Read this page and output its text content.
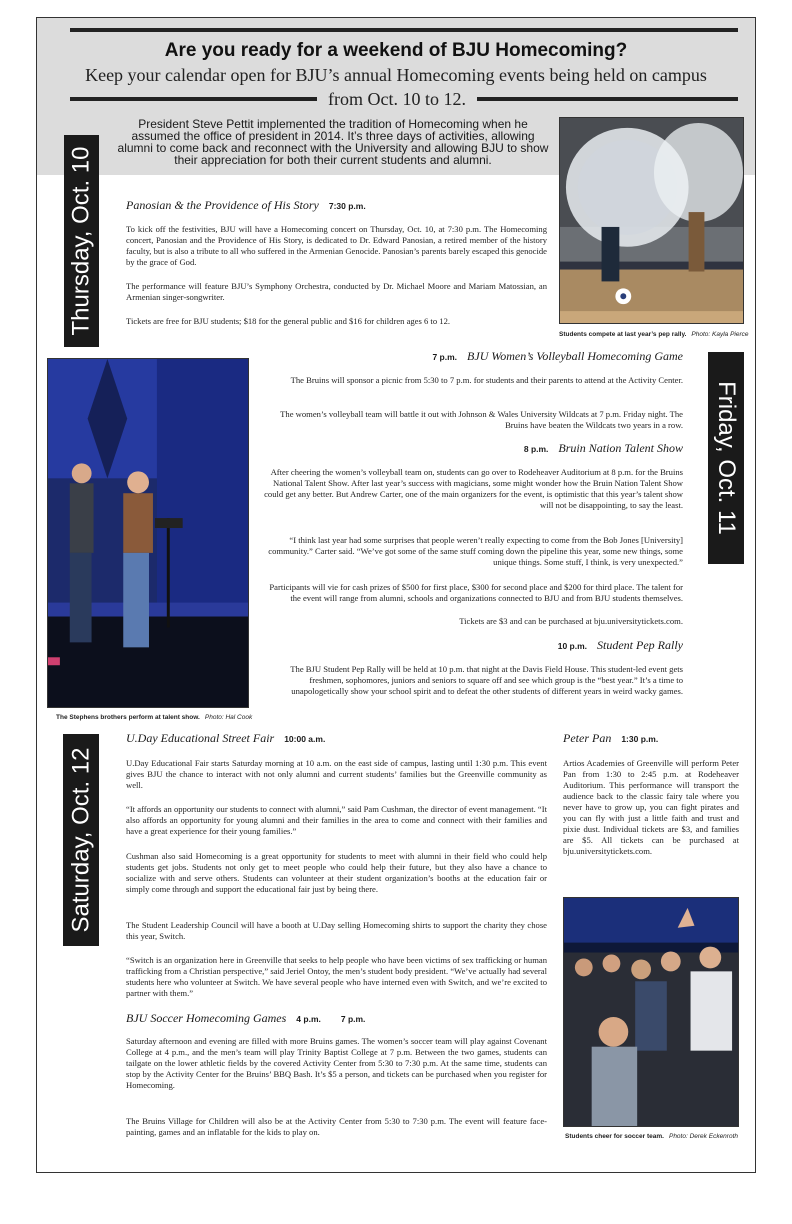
Are you ready for a weekend of BJU Homecoming?
Keep your calendar open for BJU’s annual Homecoming events being held on campus
from Oct. 10 to 12.
President Steve Pettit implemented the tradition of Homecoming when he assumed the office of president in 2014. It’s three days of activities, allowing alumni to come back and reconnect with the University and allowing BJU to show their appreciation for both their current students and alumni.
Thursday, Oct. 10	Students compete at last year’s pep rally. Photo: Kayla Pierce
Panosian & the Providence of His Story 7:30 p.m.
To kick off the festivities, BJU will have a Homecoming concert on Thursday, Oct. 10, at 7:30 p.m. The Homecoming concert, Panosian and the Providence of His Story, is dedicated to Dr. Edward Panosian, a retired member of the history faculty, but is also a tribute to all who suffered in the Armenian Genocide. Panosian’s parents barely escaped this genocide by the grace of God.
The performance will feature BJU’s Symphony Orchestra, conducted by Dr. Michael Moore and Mariam Matossian, an Armenian singer-songwriter.
Tickets are free for BJU students; $18 for the general public and $16 for children ages 6 to 12.
The Stephens brothers perform at talent show. Photo: Hal Cook
Friday, Oct. 11
7 p.m. BJU Women’s Volleyball Homecoming Game
The Bruins will sponsor a picnic from 5:30 to 7 p.m. for students and their parents to attend at the Activity Center.
The women’s volleyball team will battle it out with Johnson & Wales University Wildcats at 7 p.m. Friday night. The Bruins have beaten the Wildcats two years in a row.
8 p.m. Bruin Nation Talent Show
After cheering the women’s volleyball team on, students can go over to Rodeheaver Auditorium at 8 p.m. for the Bruins National Talent Show. After last year’s success with magicians, some might wonder how the Bruin Nation Talent Show could get any better. But Andrew Carter, one of the main organizers for the event, is optimistic that this year’s talent show will not be disappointing, to say the least.
“I think last year had some surprises that people weren’t really expecting to come from the Bob Jones [University] community.” Carter said. “We’ve got some of the same stuff coming down the pipeline this year, some new things, some unique things. Some stuff, I think, is very unexpected.”
Participants will vie for cash prizes of $500 for first place, $300 for second place and $200 for third place. The talent for the event will range from alumni, schools and organizations connected to BJU and from BJU students themselves.
Tickets are $3 and can be purchased at bju.universitytickets.com.
10 p.m. Student Pep Rally
The BJU Student Pep Rally will be held at 10 p.m. that night at the Davis Field House. This student-led event gets freshmen, sophomores, juniors and seniors to square off and see which group is the “best year.” It’s a time to unapologetically show your school spirit and to defeat the other students of different years in weird wacky games.
Saturday, Oct. 12
U.Day Educational Street Fair 10:00 a.m.
U.Day Educational Fair starts Saturday morning at 10 a.m. on the east side of campus, lasting until 1:30 p.m. This event gives BJU the chance to interact with not only alumni and current students’ families but the Greenville community as well.
“It affords an opportunity our students to connect with alumni,” said Pam Cushman, the director of event management. “It also affords an opportunity for young alumni and their families in the area to come and connect with their families and have a great experience for their young families.”
Cushman also said Homecoming is a great opportunity for students to meet with alumni in their field who could help students get jobs. Students not only get to meet people who could help their future, but they also have a chance to socialize with and serve others. Students can volunteer at their student organization’s booths at the education fair or simply come through and support the educational fair just by being there.
The Student Leadership Council will have a booth at U.Day selling Homecoming shirts to support the charity they chose this year, Switch.
“Switch is an organization here in Greenville that seeks to help people who have been victims of sex trafficking or human trafficking from a Christian perspective,” said Jeriel Ontoy, the men’s student body president. “We’ve actually had several students here who volunteer at Switch. We have several people who have interned even with Switch, and we’re excited to partner with them.”
BJU Soccer Homecoming Games 4 p.m. 7 p.m.
Saturday afternoon and evening are filled with more Bruins games. The women’s soccer team will play against Covenant College at 4 p.m., and the men’s team will play Trinity Baptist College at 7 p.m. Between the two games, students can tailgate on the lower athletic fields by the covered Activity Center from 5:30 to 7:30 p.m. At the same time, students can stop by the Activity Center for the Bruins’ BBQ Bash. It’s $5 a person, and tickets can be purchased when you register for Homecoming.
The Bruins Village for Children will also be at the Activity Center from 5:30 to 7:30 p.m. The event will feature face-painting, games and an inflatable for the kids to play on.
Peter Pan 1:30 p.m.
Artios Academies of Greenville will perform Peter Pan from 1:30 to 2:45 p.m. at Rodeheaver Auditorium. This performance will transport the audience back to the classic fairy tale where you never have to grow up, you can fight pirates and you can fly with just a little faith and trust and pixie dust. Individual tickets are $3, and families are $5. All tickets can be purchased at bju.universitytickets.com.
Students cheer for soccer team. Photo: Derek Eckenroth
